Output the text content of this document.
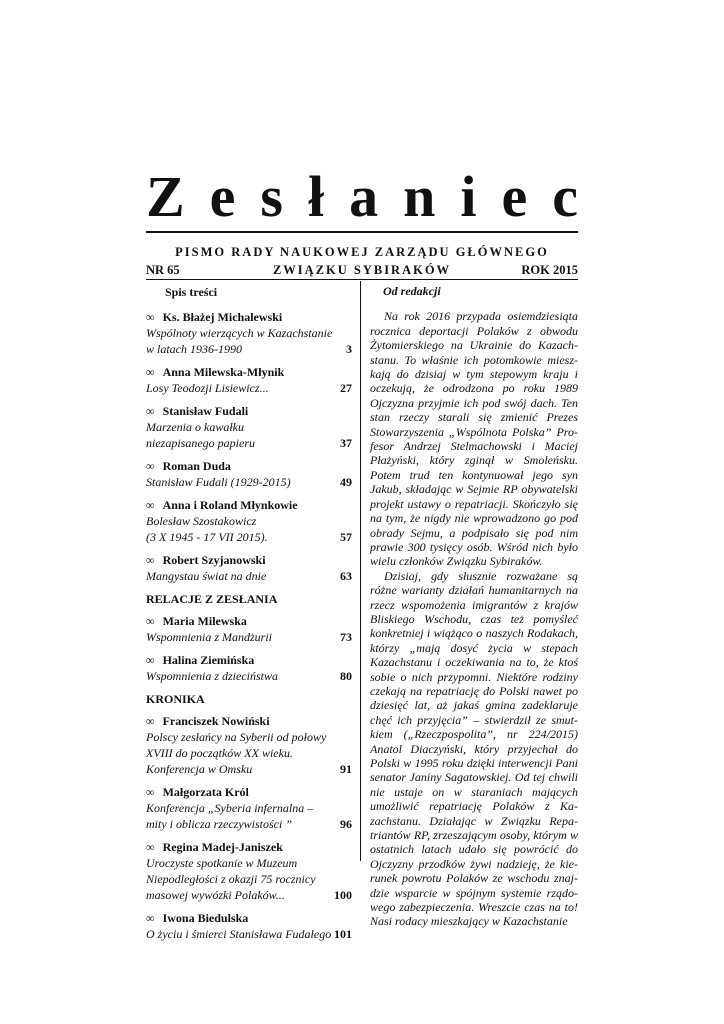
Zesłaniec
PISMO RADY NAUKOWEJ ZARZĄDU GŁÓWNEGO
NR 65	ZWIĄZKU SYBIRAKÓW	ROK 2015
Spis treści
∞ Ks. Błażej Michalewski
Wspólnoty wierzących w Kazachstanie
w latach 1936-1990	3
∞ Anna Milewska-Młynik
Losy Teodozji Lisiewicz...	27
∞ Stanisław Fudali
Marzenia o kawałku
niezapisanego papieru	37
∞ Roman Duda
Stanisław Fudali (1929-2015)	49
∞ Anna i Roland Młynkowie
Bolesław Szostakowicz
(3 X 1945 - 17 VII 2015).	57
∞ Robert Szyjanowski
Mangystau świat na dnie	63
RELACJE Z ZESŁANIA
∞ Maria Milewska
Wspomnienia z Mandżurii	73
∞ Halina Ziemińska
Wspomnienia z dzieciństwa	80
KRONIKA
∞ Franciszek Nowiński
Polscy zesłańcy na Syberii od połowy
XVIII do początków XX wieku.
Konferencja w Omsku	91
∞ Małgorzata Król
Konferencja „Syberia infernalna –
mity i oblicza rzeczywistości ”	96
∞ Regina Madej-Janiszek
Uroczyste spotkanie w Muzeum
Niepodległości z okazji 75 rocznicy
masowej wywózki Polaków...	100
∞ Iwona Biedulska
O życiu i śmierci Stanisława Fudalego 101
Od redakcji

Na rok 2016 przypada osiemdziesiąta rocznica deportacji Polaków z obwodu Żytomierskiego na Ukrainie do Kazachstanu. To właśnie ich potomkowie mieszkają do dzisiaj w tym stepowym kraju i oczekują, że odrodzona po roku 1989 Ojczyzna przyjmie ich pod swój dach. Ten stan rzeczy starali się zmienić Prezes Stowarzyszenia „Wspólnota Polska” Profesor Andrzej Stelmachowski i Maciej Płażyński, który zginął w Smoleńsku. Potem trud ten kontynuował jego syn Jakub, składając w Sejmie RP obywatelski projekt ustawy o repatriacji. Skończyło się na tym, że nigdy nie wprowadzono go pod obrady Sejmu, a podpisało się pod nim prawie 300 tysięcy osób. Wśród nich było wielu członków Związku Sybiraków.

Dzisiaj, gdy słusznie rozważane są różne warianty działań humanitarnych na rzecz wspomożenia imigrantów z krajów Bliskiego Wschodu, czas też pomyśleć konkretniej i wiążąco o naszych Rodakach, którzy „mają dosyć życia w stepach Kazachstanu i oczekiwania na to, że ktoś sobie o nich przypomni. Niektóre rodziny czekają na repatriację do Polski nawet po dziesięć lat, aż jakaś gmina zadeklaruje chęć ich przyjęcia” – stwierdził ze smutkiem („Rzeczpospolita”, nr 224/2015) Anatol Diaczyński, który przyjechał do Polski w 1995 roku dzięki interwencji Pani senator Janiny Sagatowskiej. Od tej chwili nie ustaje on w staraniach mających umożliwić repatriację Polaków z Kazachstanu. Działając w Związku Repatriantów RP, zrzeszającym osoby, którym w ostatnich latach udało się powrócić do Ojczyzny przodków żywi nadzieję, że kierunek powrotu Polaków ze wschodu znajdzie wsparcie w spójnym systemie rządowego zabezpieczenia. Wreszcie czas na to! Nasi rodacy mieszkający w Kazachstanie
